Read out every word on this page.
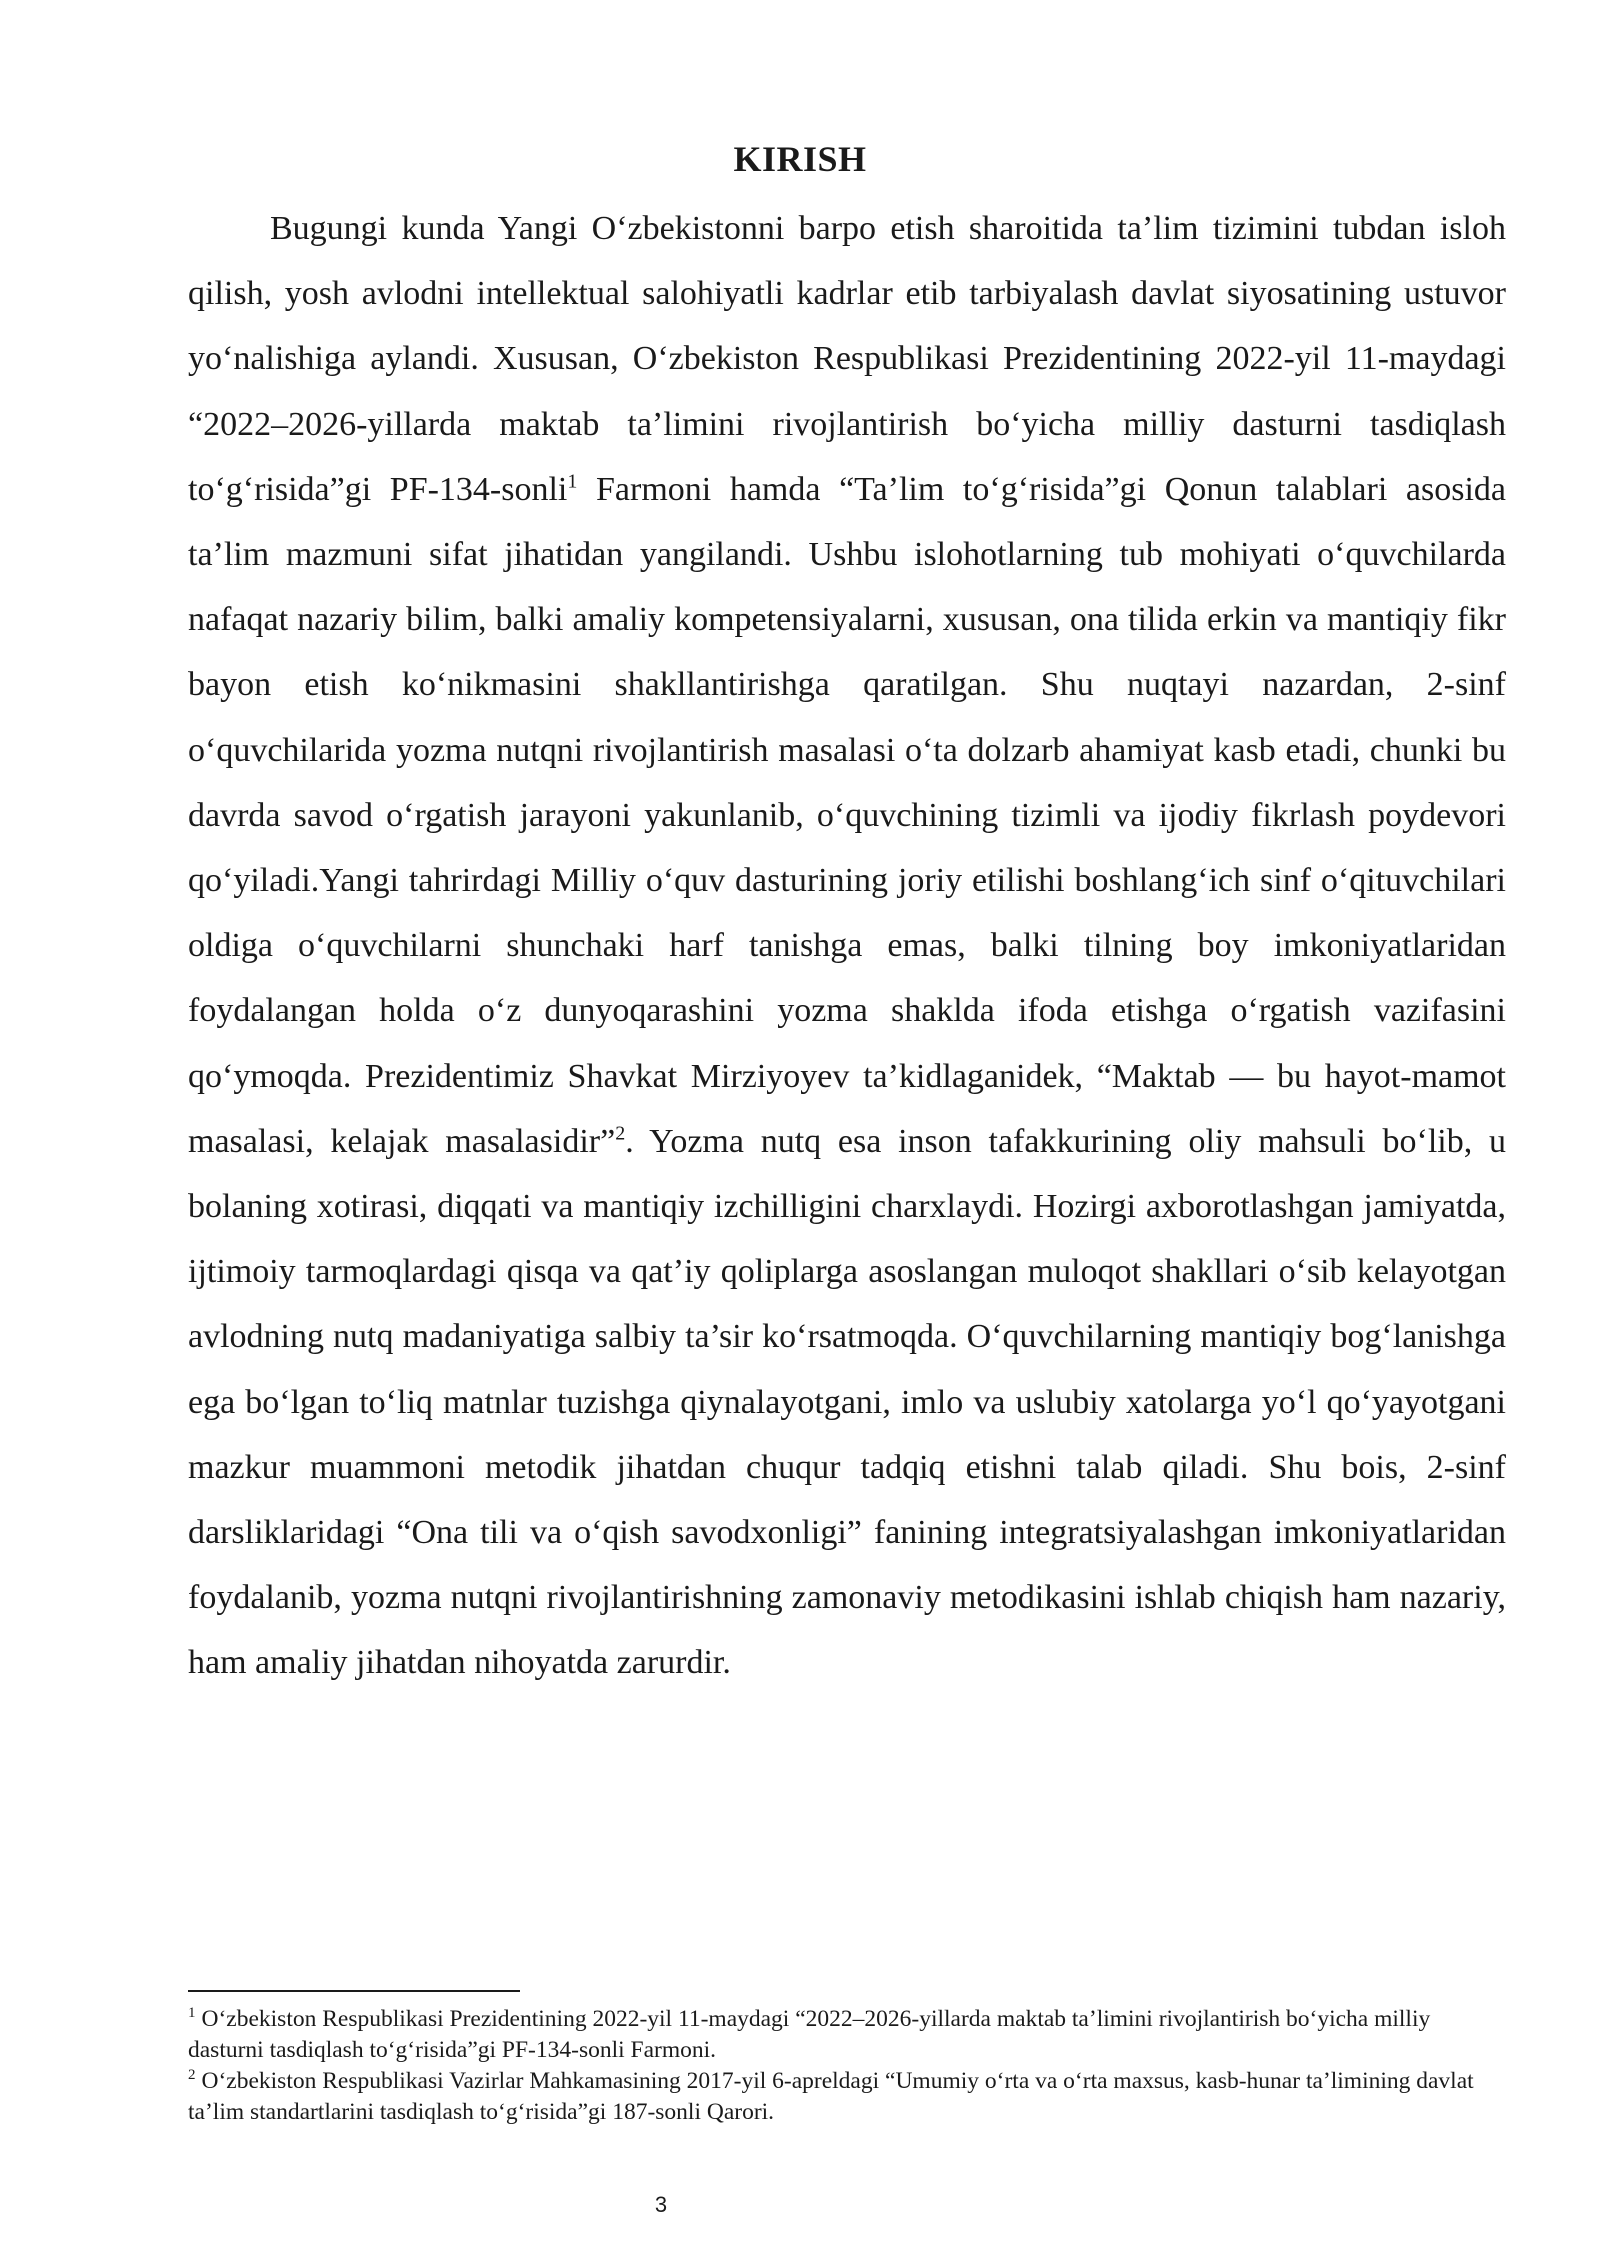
KIRISH

Bugungi kunda Yangi O‘zbekistonni barpo etish sharoitida ta’lim tizimini tubdan isloh qilish, yosh avlodni intellektual salohiyatli kadrlar etib tarbiyalash davlat siyosatining ustuvor yo‘nalishiga aylandi. Xususan, O‘zbekiston Respublikasi Prezidentining 2022-yil 11-maydagi “2022–2026-yillarda maktab ta’limini rivojlantirish bo‘yicha milliy dasturni tasdiqlash to‘g‘risida”gi PF-134-sonli$^1$ Farmoni hamda “Ta’lim to‘g‘risida”gi Qonun talablari asosida ta’lim mazmuni sifat jihatidan yangilandi. Ushbu islohotlarning tub mohiyati o‘quvchilarda nafaqat nazariy bilim, balki amaliy kompetensiyalarni, xususan, ona tilida erkin va mantiqiy fikr bayon etish ko‘nikmasini shakllantirishga qaratilgan. Shu nuqtayi nazardan, 2-sinf o‘quvchilarida yozma nutqni rivojlantirish masalasi o‘ta dolzarb ahamiyat kasb etadi, chunki bu davrda savod o‘rgatish jarayoni yakunlanib, o‘quvchining tizimli va ijodiy fikrlash poydevori qo‘yiladi.Yangi tahrirdagi Milliy o‘quv dasturining joriy etilishi boshlang‘ich sinf o‘qituvchilari oldiga o‘quvchilarni shunchaki harf tanishga emas, balki tilning boy imkoniyatlaridan foydalangan holda o‘z dunyoqarashini yozma shaklda ifoda etishga o‘rgatish vazifasini qo‘ymoqda. Prezidentimiz Shavkat Mirziyoyev ta’kidlaganidek, “Maktab — bu hayot-mamot masalasi, kelajak masalasidir”$^2$. Yozma nutq esa inson tafakkurining oliy mahsuli bo‘lib, u bolaning xotirasi, diqqati va mantiqiy izchilligini charxlaydi. Hozirgi axborotlashgan jamiyatda, ijtimoiy tarmoqlardagi qisqa va qat’iy qoliplarga asoslangan muloqot shakllari o‘sib kelayotgan avlodning nutq madaniyatiga salbiy ta’sir ko‘rsatmoqda. O‘quvchilarning mantiqiy bog‘lanishga ega bo‘lgan to‘liq matnlar tuzishga qiynalayotgani, imlo va uslubiy xatolarga yo‘l qo‘yayotgani mazkur muammoni metodik jihatdan chuqur tadqiq etishni talab qiladi. Shu bois, 2-sinf darsliklaridagi “Ona tili va o‘qish savodxonligi” fanining integratsiyalashgan imkoniyatlaridan foydalanib, yozma nutqni rivojlantirishning zamonaviy metodikasini ishlab chiqish ham nazariy, ham amaliy jihatdan nihoyatda zarurdir.

$^1$ O‘zbekiston Respublikasi Prezidentining 2022-yil 11-maydagi “2022–2026-yillarda maktab ta’limini rivojlantirish bo‘yicha milliy dasturni tasdiqlash to‘g‘risida”gi PF-134-sonli Farmoni.

$^2$ O‘zbekiston Respublikasi Vazirlar Mahkamasining 2017-yil 6-apreldagi “Umumiy o‘rta va o‘rta maxsus, kasb-hunar ta’limining davlat ta’lim standartlarini tasdiqlash to‘g‘risida”gi 187-sonli Qarori.

3
